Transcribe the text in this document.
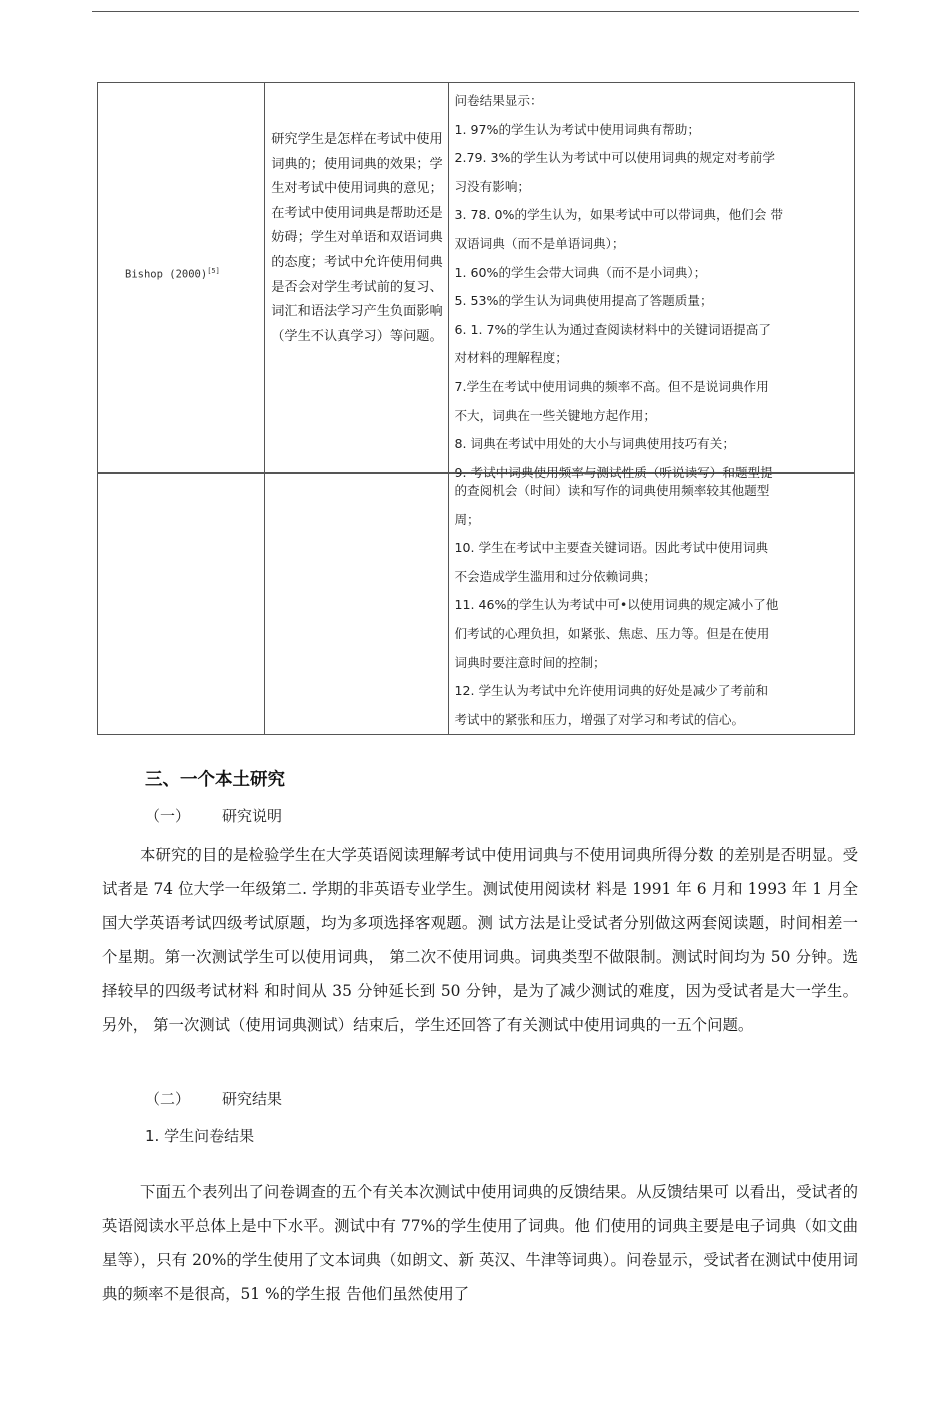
Bishop (2000)[5]

研究学生是怎样在考试中使用词典的；使用词典的效果；学生对考试中使用词典的意见；在考试中使用词典是帮助还是妨碍；学生对单语和双语词典的态度；考试中允许使用伺典是否会对学生考试前的复习、词汇和语法学习产生负面影响（学生不认真学习）等问题。

问卷结果显示：
1. 97%的学生认为考试中使用词典有帮助；
2.79. 3%的学生认为考试中可以使用词典的规定对考前学
习没有影响；
3. 78. 0%的学生认为，如果考试中可以带词典，他们会 带
双语词典（而不是单语词典）；
1. 60%的学生会带大词典（而不是小词典）；
5. 53%的学生认为词典使用提高了答题质量；
6. 1. 7%的学生认为通过查阅读材料中的关键词语提高了
对材料的理解程度；
7.学生在考试中使用词典的频率不高。但不是说词典作用
不大，词典在一些关键地方起作用；
8. 词典在考试中用处的大小与词典使用技巧有关；
9. 考试中词典使用频率与测试性质（听说读写）和题型提

的查阅机会（时间）读和写作的词典使用频率较其他题型
周；
10. 学生在考试中主要查关键词语。因此考试中使用词典
不会造成学生滥用和过分依赖词典；
11. 46%的学生认为考试中可•以使用词典的规定减小了他
们考试的心理负担，如紧张、焦虑、压力等。但是在使用
词典时要注意时间的控制；
12. 学生认为考试中允许使用词典的好处是减少了考前和
考试中的紧张和压力，增强了对学习和考试的信心。
三、一个本土研究
（一） 研究说明

本研究的目的是检验学生在大学英语阅读理解考试中使用词典与不使用词典所得分数 的差别是否明显。受试者是 74 位大学一年级第二. 学期的非英语专业学生。测试使用阅读材 料是 1991 年 6 月和 1993 年 1 月全国大学英语考试四级考试原题，均为多项选择客观题。测 试方法是让受试者分别做这两套阅读题，时间相差一个星期。第一次测试学生可以使用词典， 第二次不使用词典。词典类型不做限制。测试时间均为 50 分钟。选择较早的四级考试材料 和时间从 35 分钟延长到 50 分钟，是为了减少测试的难度，因为受试者是大一学生。另外， 第一次测试（使用词典测试）结束后，学生还回答了有关测试中使用词典的一五个问题。

（二） 研究结果
1. 学生问卷结果

下面五个表列出了问卷调查的五个有关本次测试中使用词典的反馈结果。从反馈结果可 以看出，受试者的英语阅读水平总体上是中下水平。测试中有 77%的学生使用了词典。他 们使用的词典主要是电子词典（如文曲星等），只有 20%的学生使用了文本词典（如朗文、新 英汉、牛津等词典）。问卷显示，受试者在测试中使用词典的频率不是很高，51 %的学生报 告他们虽然使用了
